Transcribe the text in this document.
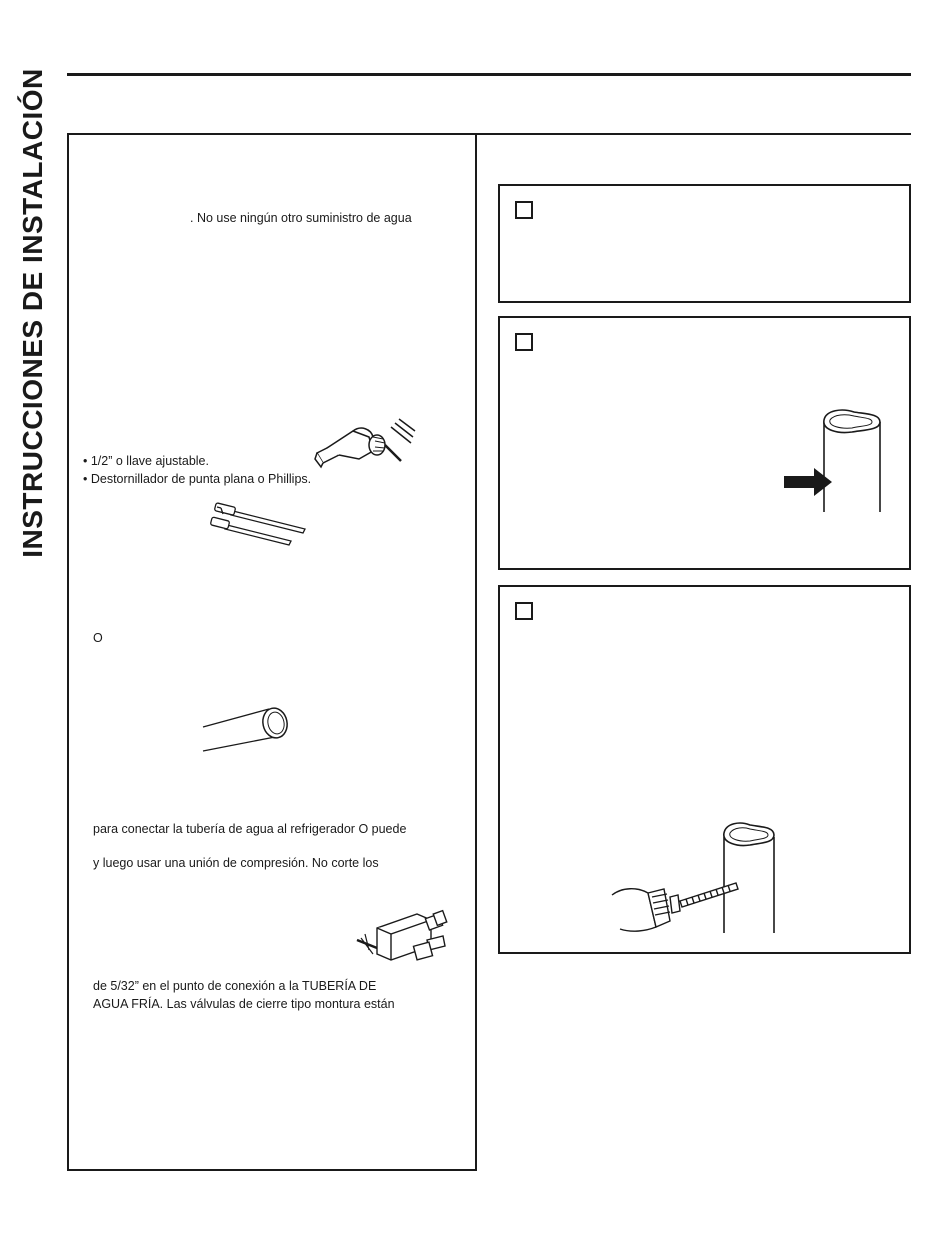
INSTRUCCIONES DE INSTALACIÓN	. No use ningún otro suministro de agua
• 1/2” o llave ajustable.
• Destornillador de punta plana o Phillips.
O
para conectar la tubería de agua al refrigerador O puede
y luego usar una unión de compresión. No corte los
de 5/32” en el punto de conexión a la TUBERÍA DE
AGUA FRÍA. Las válvulas de cierre tipo montura están
